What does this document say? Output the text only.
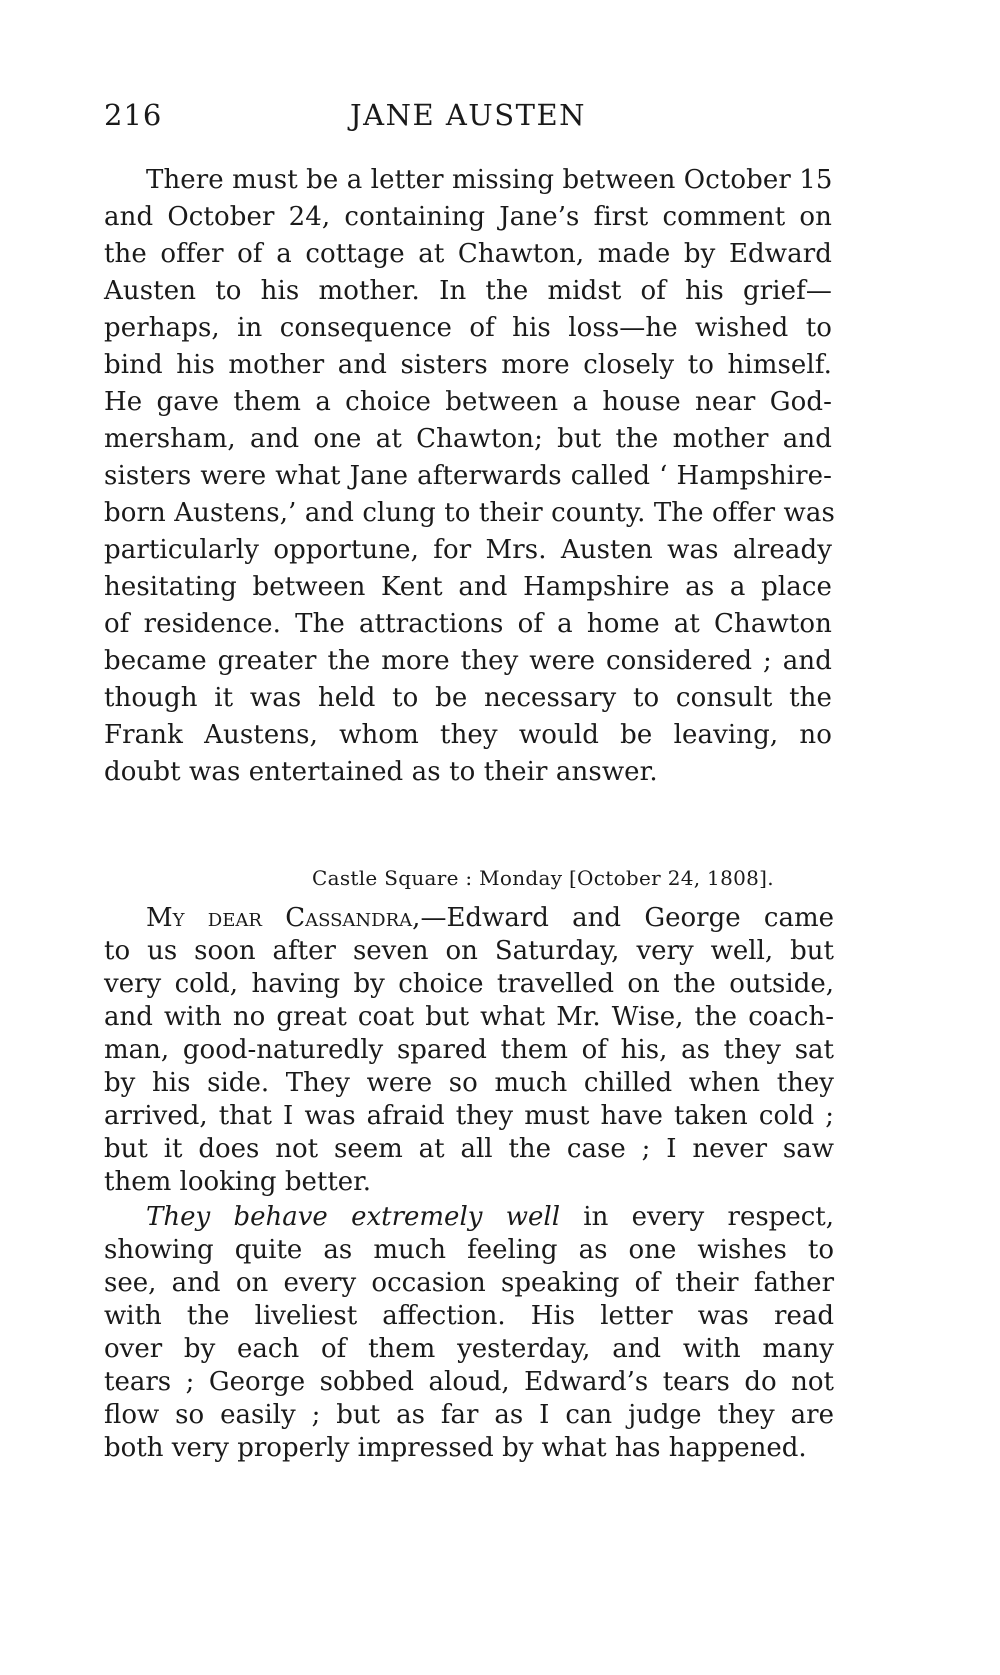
216	JANE AUSTEN
There must be a letter missing between October 15
and October 24, containing Jane’s first comment on
the offer of a cottage at Chawton, made by Edward
Austen to his mother. In the midst of his grief—
perhaps, in consequence of his loss—he wished to
bind his mother and sisters more closely to himself.
He gave them a choice between a house near God-
mersham, and one at Chawton; but the mother and
sisters were what Jane afterwards called ‘ Hampshire-
born Austens,’ and clung to their county. The offer was
particularly opportune, for Mrs. Austen was already
hesitating between Kent and Hampshire as a place
of residence. The attractions of a home at Chawton
became greater the more they were considered ; and
though it was held to be necessary to consult the
Frank Austens, whom they would be leaving, no
doubt was entertained as to their answer.
Castle Square : Monday [October 24, 1808].
My dear Cassandra,—Edward and George came
to us soon after seven on Saturday, very well, but
very cold, having by choice travelled on the outside,
and with no great coat but what Mr. Wise, the coach-
man, good-naturedly spared them of his, as they sat
by his side. They were so much chilled when they
arrived, that I was afraid they must have taken cold ;
but it does not seem at all the case ; I never saw
them looking better.
They behave extremely well in every respect,
showing quite as much feeling as one wishes to
see, and on every occasion speaking of their father
with the liveliest affection. His letter was read
over by each of them yesterday, and with many
tears ; George sobbed aloud, Edward’s tears do not
flow so easily ; but as far as I can judge they are
both very properly impressed by what has happened.
